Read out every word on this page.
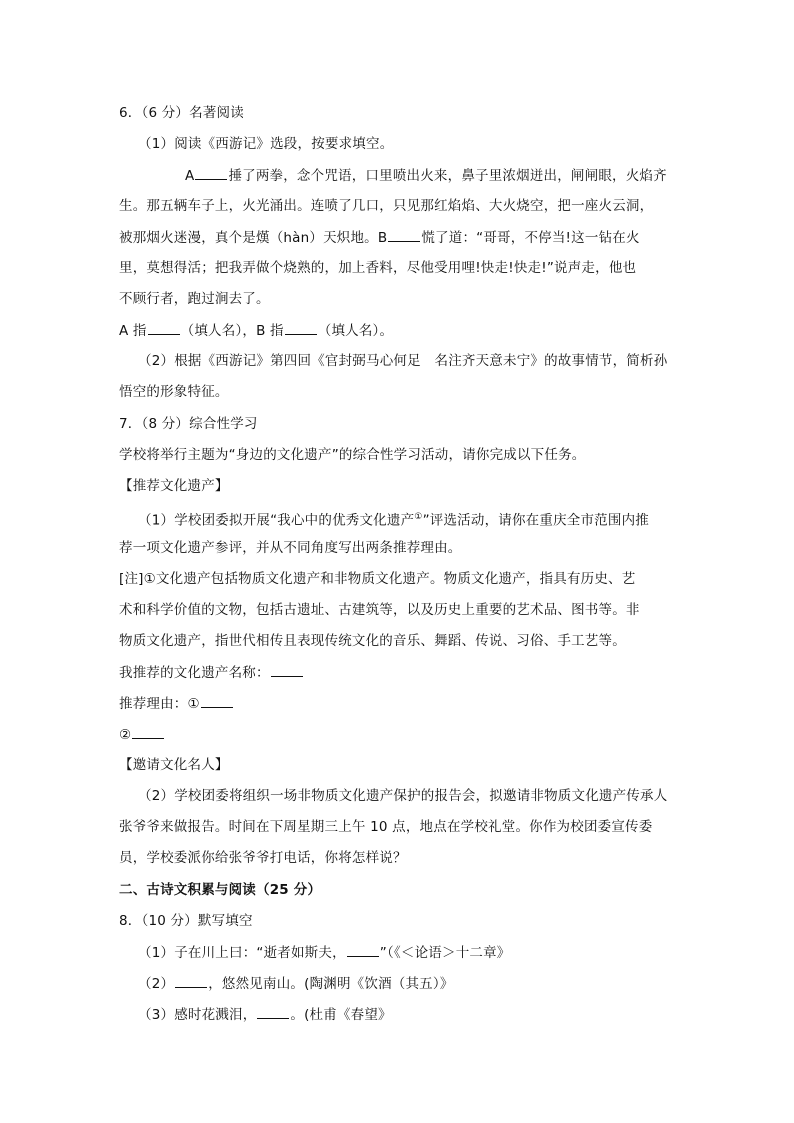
6．（6 分）名著阅读
（1）阅读《西游记》选段，按要求填空。
A	捶了两拳，念个咒语，口里喷出火来，鼻子里浓烟迸出，闸闸眼，火焰齐
生。那五辆车子上，火光涌出。连喷了几口，只见那红焰焰、大火烧空，把一座火云洞，
被那烟火迷漫，真个是熯（hàn）天炽地。B	慌了道：“哥哥，不停当!这一钻在火
里，莫想得活；把我弄做个烧熟的，加上香料，尽他受用哩!快走!快走!”说声走，他也
不顾行者，跑过涧去了。
A 指	（填人名），B 指	（填人名）。
（2）根据《西游记》第四回《官封弼马心何足　名注齐天意未宁》的故事情节，简析孙
悟空的形象特征。
7．（8 分）综合性学习
学校将举行主题为“身边的文化遗产”的综合性学习活动，请你完成以下任务。
【推荐文化遗产】
（1）学校团委拟开展“我心中的优秀文化遗产①”评选活动，请你在重庆全市范围内推
荐一项文化遗产参评，并从不同角度写出两条推荐理由。
[注]①文化遗产包括物质文化遗产和非物质文化遗产。物质文化遗产，指具有历史、艺
术和科学价值的文物，包括古遗址、古建筑等，以及历史上重要的艺术品、图书等。非
物质文化遗产，指世代相传且表现传统文化的音乐、舞蹈、传说、习俗、手工艺等。
我推荐的文化遗产名称：
推荐理由：①
②
【邀请文化名人】
（2）学校团委将组织一场非物质文化遗产保护的报告会，拟邀请非物质文化遗产传承人
张爷爷来做报告。时间在下周星期三上午 10 点，地点在学校礼堂。你作为校团委宣传委
员，学校委派你给张爷爷打电话，你将怎样说？
二、古诗文积累与阅读（25 分）
8．（10 分）默写填空
（1）子在川上曰：“逝者如斯夫，	”（《＜论语＞十二章》
（2）	，悠然见南山。(陶渊明《饮酒（其五）》
（3）感时花溅泪，	。(杜甫《春望》
